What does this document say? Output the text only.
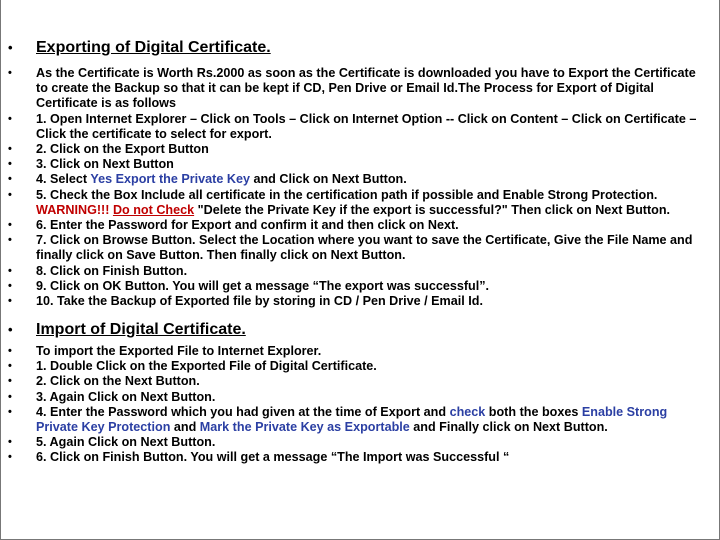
• Exporting of Digital Certificate.
• As the Certificate is Worth Rs.2000 as soon as the Certificate is downloaded you have to Export the Certificate to create the Backup so that it can be kept if CD, Pen Drive or Email Id.The Process for Export of Digital Certificate is as follows
• 1. Open Internet Explorer – Click on Tools – Click on Internet Option -- Click on Content – Click on Certificate – Click the certificate to select for export.
• 2. Click on the Export Button
• 3. Click on Next Button
• 4. Select Yes Export the Private Key and Click on Next Button.
• 5. Check the Box Include all certificate in the certification path if possible and Enable Strong Protection. WARNING!!! Do not Check "Delete the Private Key if the export is successful?" Then click on Next Button.
• 6. Enter the Password for Export and confirm it and then click on Next.
• 7. Click on Browse Button. Select the Location where you want to save the Certificate, Give the File Name and finally click on Save Button. Then finally click on Next Button.
• 8. Click on Finish Button.
• 9. Click on OK Button. You will get a message “The export was successful”.
• 10. Take the Backup of Exported file by storing in CD / Pen Drive / Email Id.
• Import of Digital Certificate.
• To import the Exported File to Internet Explorer.
• 1. Double Click on the Exported File of Digital Certificate.
• 2. Click on the Next Button.
• 3. Again Click on Next Button.
• 4. Enter the Password which you had given at the time of Export and check both the boxes Enable Strong Private Key Protection and Mark the Private Key as Exportable and Finally click on Next Button.
• 5. Again Click on Next Button.
• 6. Click on Finish Button. You will get a message “The Import was Successful “
